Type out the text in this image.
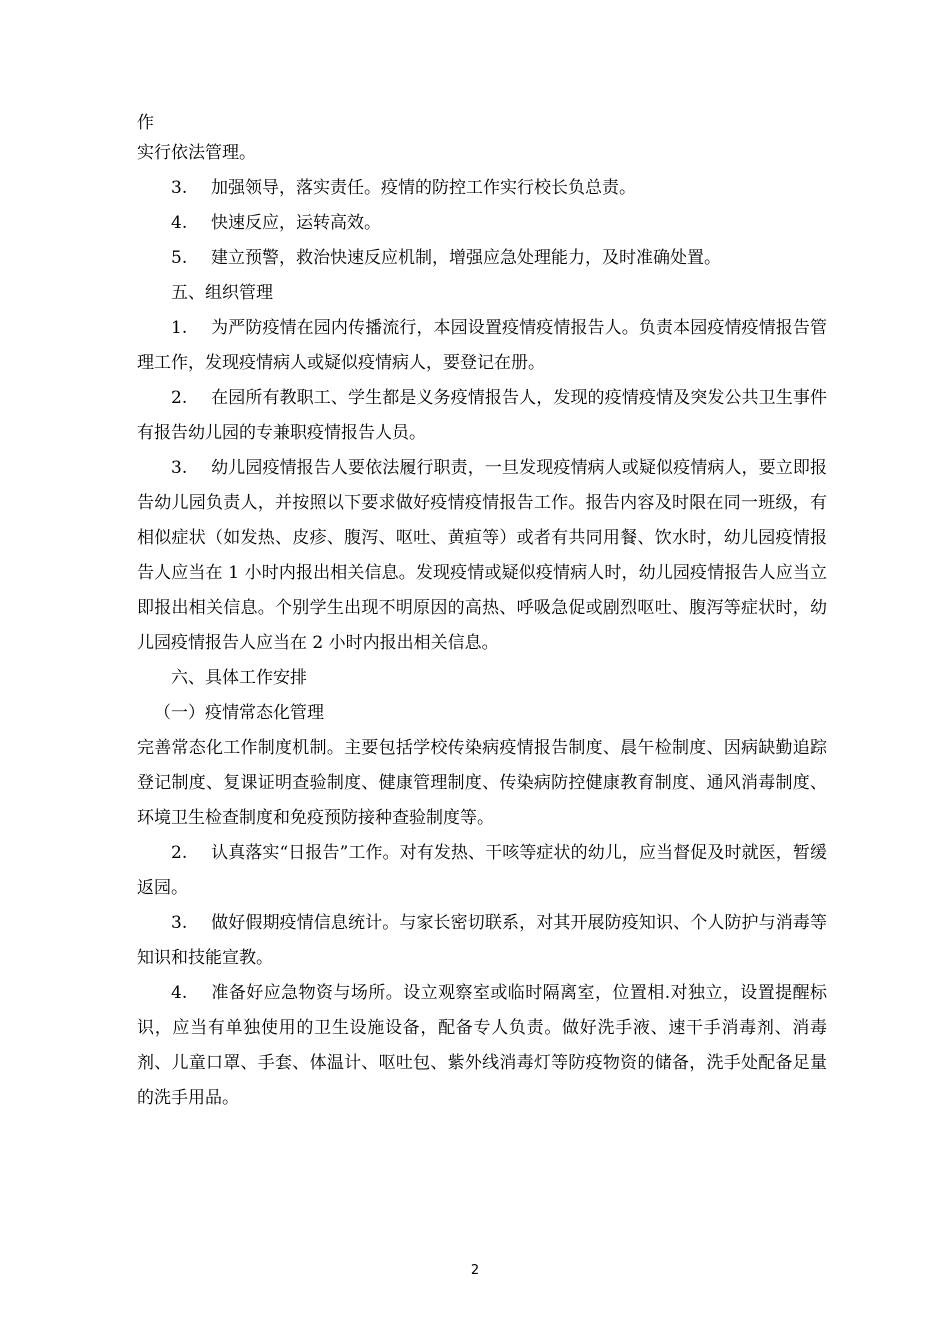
作

实行依法管理。

3. 加强领导，落实责任。疫情的防控工作实行校长负总责。

4. 快速反应，运转高效。

5. 建立预警，救治快速反应机制，增强应急处理能力，及时准确处置。

五、组织管理

1. 为严防疫情在园内传播流行，本园设置疫情疫情报告人。负责本园疫情疫情报告管理工作，发现疫情病人或疑似疫情病人，要登记在册。

2. 在园所有教职工、学生都是义务疫情报告人，发现的疫情疫情及突发公共卫生事件有报告幼儿园的专兼职疫情报告人员。

3. 幼儿园疫情报告人要依法履行职责，一旦发现疫情病人或疑似疫情病人，要立即报告幼儿园负责人，并按照以下要求做好疫情疫情报告工作。报告内容及时限在同一班级，有相似症状（如发热、皮疹、腹泻、呕吐、黄疸等）或者有共同用餐、饮水时，幼儿园疫情报告人应当在 1 小时内报出相关信息。发现疫情或疑似疫情病人时，幼儿园疫情报告人应当立即报出相关信息。个别学生出现不明原因的高热、呼吸急促或剧烈呕吐、腹泻等症状时，幼儿园疫情报告人应当在 2 小时内报出相关信息。

六、具体工作安排

（一）疫情常态化管理

完善常态化工作制度机制。主要包括学校传染病疫情报告制度、晨午检制度、因病缺勤追踪登记制度、复课证明查验制度、健康管理制度、传染病防控健康教育制度、通风消毒制度、环境卫生检查制度和免疫预防接种查验制度等。

2. 认真落实“日报告”工作。对有发热、干咳等症状的幼儿，应当督促及时就医，暂缓返园。

3. 做好假期疫情信息统计。与家长密切联系，对其开展防疫知识、个人防护与消毒等知识和技能宣教。

4. 准备好应急物资与场所。设立观察室或临时隔离室，位置相.对独立，设置提醒标识，应当有单独使用的卫生设施设备，配备专人负责。做好洗手液、速干手消毒剂、消毒剂、儿童口罩、手套、体温计、呕吐包、紫外线消毒灯等防疫物资的储备，洗手处配备足量的洗手用品。

2
